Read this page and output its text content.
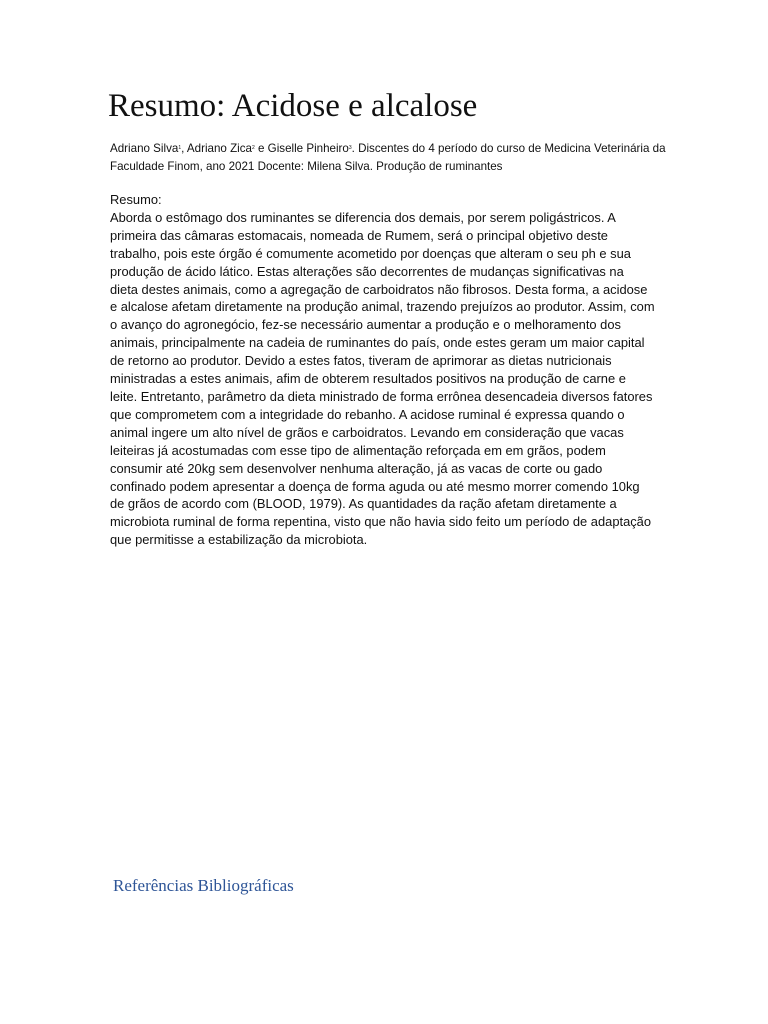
Resumo: Acidose e alcalose

Adriano Silva$^1$, Adriano Zica$^2$ e Giselle Pinheiro$^3$. Discentes do 4 período do curso de Medicina Veterinária da Faculdade Finom, ano 2021 Docente: Milena Silva. Produção de ruminantes

Resumo:
Aborda o estômago dos ruminantes se diferencia dos demais, por serem poligástricos. A primeira das câmaras estomacais, nomeada de Rumem, será o principal objetivo deste trabalho, pois este órgão é comumente acometido por doenças que alteram o seu ph e sua produção de ácido lático. Estas alterações são decorrentes de mudanças significativas na dieta destes animais, como a agregação de carboidratos não fibrosos. Desta forma, a acidose e alcalose afetam diretamente na produção animal, trazendo prejuízos ao produtor. Assim, com o avanço do agronegócio, fez-se necessário aumentar a produção e o melhoramento dos animais, principalmente na cadeia de ruminantes do país, onde estes geram um maior capital de retorno ao produtor. Devido a estes fatos, tiveram de aprimorar as dietas nutricionais ministradas a estes animais, afim de obterem resultados positivos na produção de carne e leite. Entretanto, parâmetro da dieta ministrado de forma errônea desencadeia diversos fatores que comprometem com a integridade do rebanho. A acidose ruminal é expressa quando o animal ingere um alto nível de grãos e carboidratos. Levando em consideração que vacas leiteiras já acostumadas com esse tipo de alimentação reforçada em em grãos, podem consumir até 20kg sem desenvolver nenhuma alteração, já as vacas de corte ou gado confinado podem apresentar a doença de forma aguda ou até mesmo morrer comendo 10kg de grãos de acordo com (BLOOD, 1979). As quantidades da ração afetam diretamente a microbiota ruminal de forma repentina, visto que não havia sido feito um período de adaptação que permitisse a estabilização da microbiota.
Referências Bibliográficas
